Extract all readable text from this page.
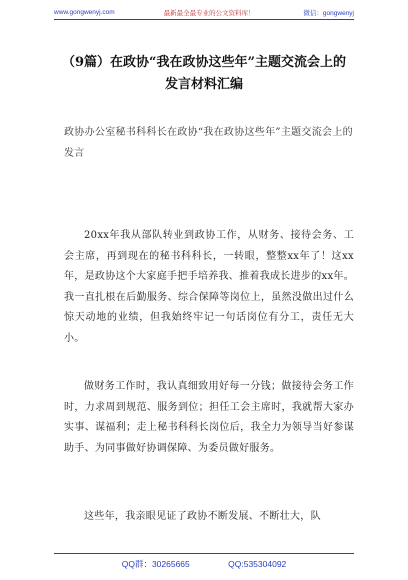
www.gongwenyj.com	最新最全最专业的公文资料库！	微信：gongwenyj
（9篇）在政协“我在政协这些年”主题交流会上的
发言材料汇编
政协办公室秘书科科长在政协“我在政协这些年”主题交流会上的发言
20xx年我从部队转业到政协工作，从财务、接待会务、工会主席，再到现在的秘书科科长，一转眼，整整xx年了！这xx年，是政协这个大家庭手把手培养我、推着我成长进步的xx年。我一直扎根在后勤服务、综合保障等岗位上，虽然没做出过什么惊天动地的业绩，但我始终牢记一句话岗位有分工，责任无大小。
做财务工作时，我认真细致用好每一分钱；做接待会务工作时，力求周到规范、服务到位；担任工会主席时，我就帮大家办实事、谋福利；走上秘书科科长岗位后，我全力为领导当好参谋助手、为同事做好协调保障、为委员做好服务。
这些年，我亲眼见证了政协不断发展、不断壮大，队
QQ群：30265665	QQ:535304092
